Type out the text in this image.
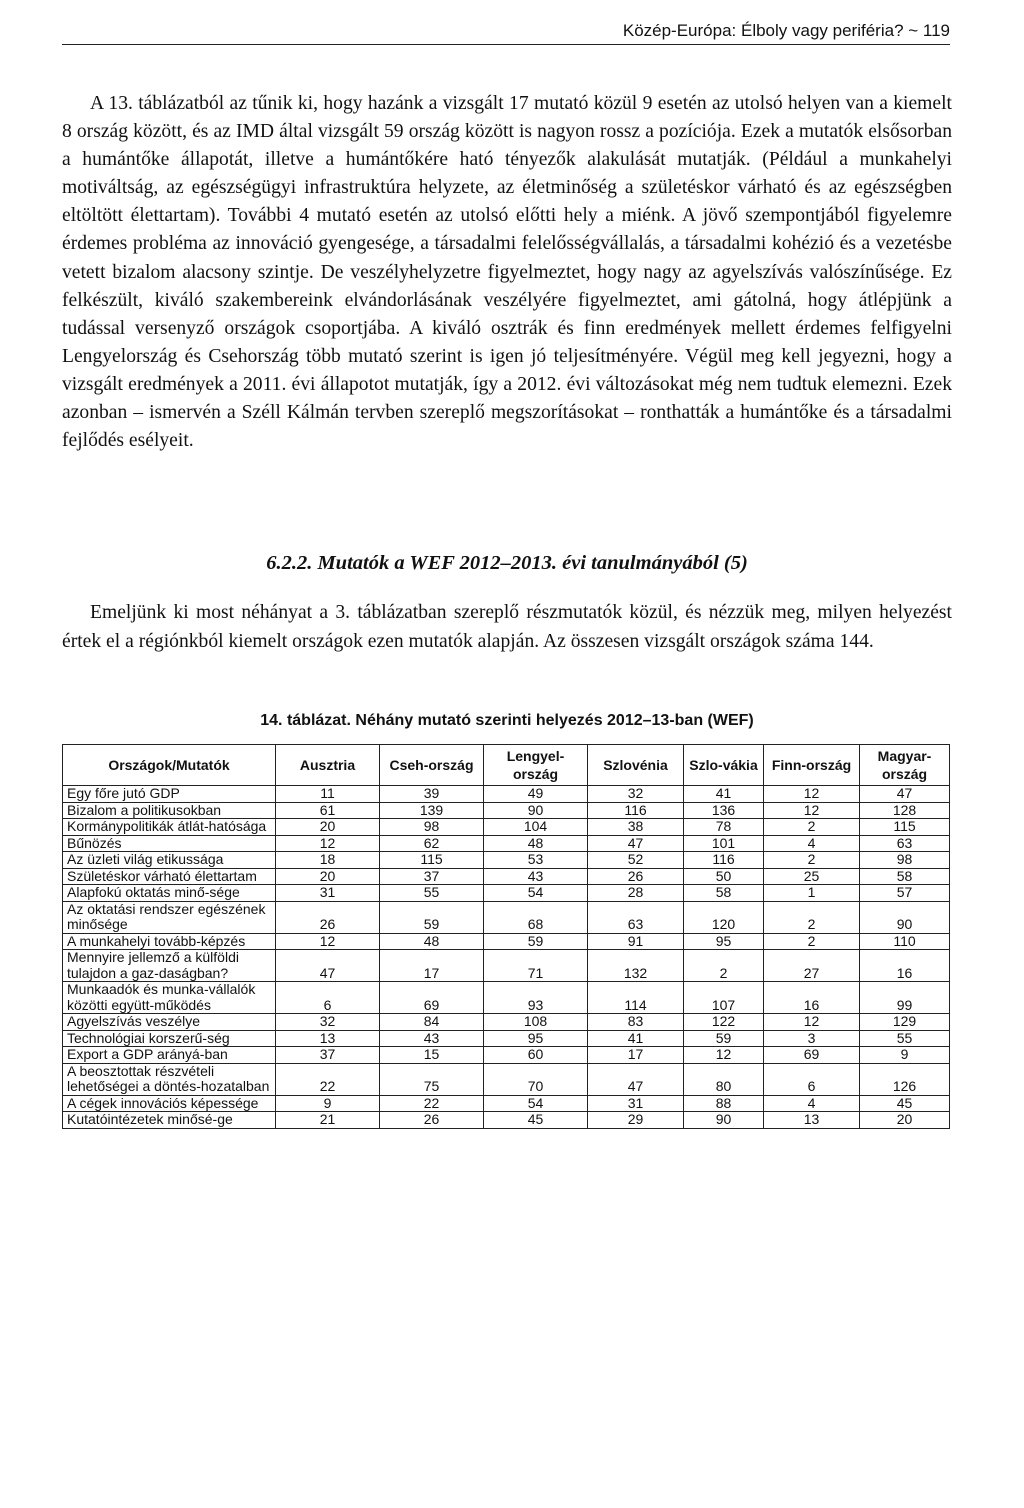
Közép-Európa: Élboly vagy periféria? ~ 119

A 13. táblázatból az tűnik ki, hogy hazánk a vizsgált 17 mutató közül 9 esetén az utolsó helyen van a kiemelt 8 ország között, és az IMD által vizsgált 59 ország között is nagyon rossz a pozíciója. Ezek a mutatók elsősorban a humántőke állapotát, illetve a humántőkére ható tényezők alakulását mutatják. (Például a munkahelyi motiváltság, az egészségügyi infrastruktúra helyzete, az életminőség a születéskor várható és az egészségben eltöltött élettartam). További 4 mutató esetén az utolsó előtti hely a miénk. A jövő szempontjából figyelemre érdemes probléma az innováció gyengesége, a társadalmi felelősségvállalás, a társadalmi kohézió és a vezetésbe vetett bizalom alacsony szintje. De veszélyhelyzetre figyelmeztet, hogy nagy az agyelszívás valószínűsége. Ez felkészült, kiváló szakembereink elvándorlásának veszélyére figyelmeztet, ami gátolná, hogy átlépjünk a tudással versenyző országok csoportjába. A kiváló osztrák és finn eredmények mellett érdemes felfigyelni Lengyelország és Csehország több mutató szerint is igen jó teljesítményére. Végül meg kell jegyezni, hogy a vizsgált eredmények a 2011. évi állapotot mutatják, így a 2012. évi változásokat még nem tudtuk elemezni. Ezek azonban – ismervén a Széll Kálmán tervben szereplő megszorításokat – ronthatták a humántőke és a társadalmi fejlődés esélyeit.

6.2.2. Mutatók a WEF 2012–2013. évi tanulmányából (5)

Emeljünk ki most néhányat a 3. táblázatban szereplő részmutatók közül, és nézzük meg, milyen helyezést értek el a régiónkból kiemelt országok ezen mutatók alapján. Az összesen vizsgált országok száma 144.

14. táblázat. Néhány mutató szerinti helyezés 2012–13-ban (WEF)

Országok/Mutatók	Ausztria	Cseh-ország	Lengyel-ország	Szlovénia	Szlo-vákia	Finn-ország	Magyar-ország
Egy főre jutó GDP	11	39	49	32	41	12	47
Bizalom a politikusokban	61	139	90	116	136	12	128
Kormánypolitikák átlát-hatósága	20	98	104	38	78	2	115
Bűnözés	12	62	48	47	101	4	63
Az üzleti világ etikussága	18	115	53	52	116	2	98
Születéskor várható élettartam	20	37	43	26	50	25	58
Alapfokú oktatás minő-sége	31	55	54	28	58	1	57
Az oktatási rendszer egészének minősége	26	59	68	63	120	2	90
A munkahelyi tovább-képzés	12	48	59	91	95	2	110
Mennyire jellemző a külföldi tulajdon a gaz-daságban?	47	17	71	132	2	27	16
Munkaadók és munka-vállalók közötti együtt-működés	6	69	93	114	107	16	99
Agyelszívás veszélye	32	84	108	83	122	12	129
Technológiai korszerű-ség	13	43	95	41	59	3	55
Export a GDP arányá-ban	37	15	60	17	12	69	9
A beosztottak részvételi lehetőségei a döntés-hozatalban	22	75	70	47	80	6	126
A cégek innovációs képessége	9	22	54	31	88	4	45
Kutatóintézetek minősé-ge	21	26	45	29	90	13	20
